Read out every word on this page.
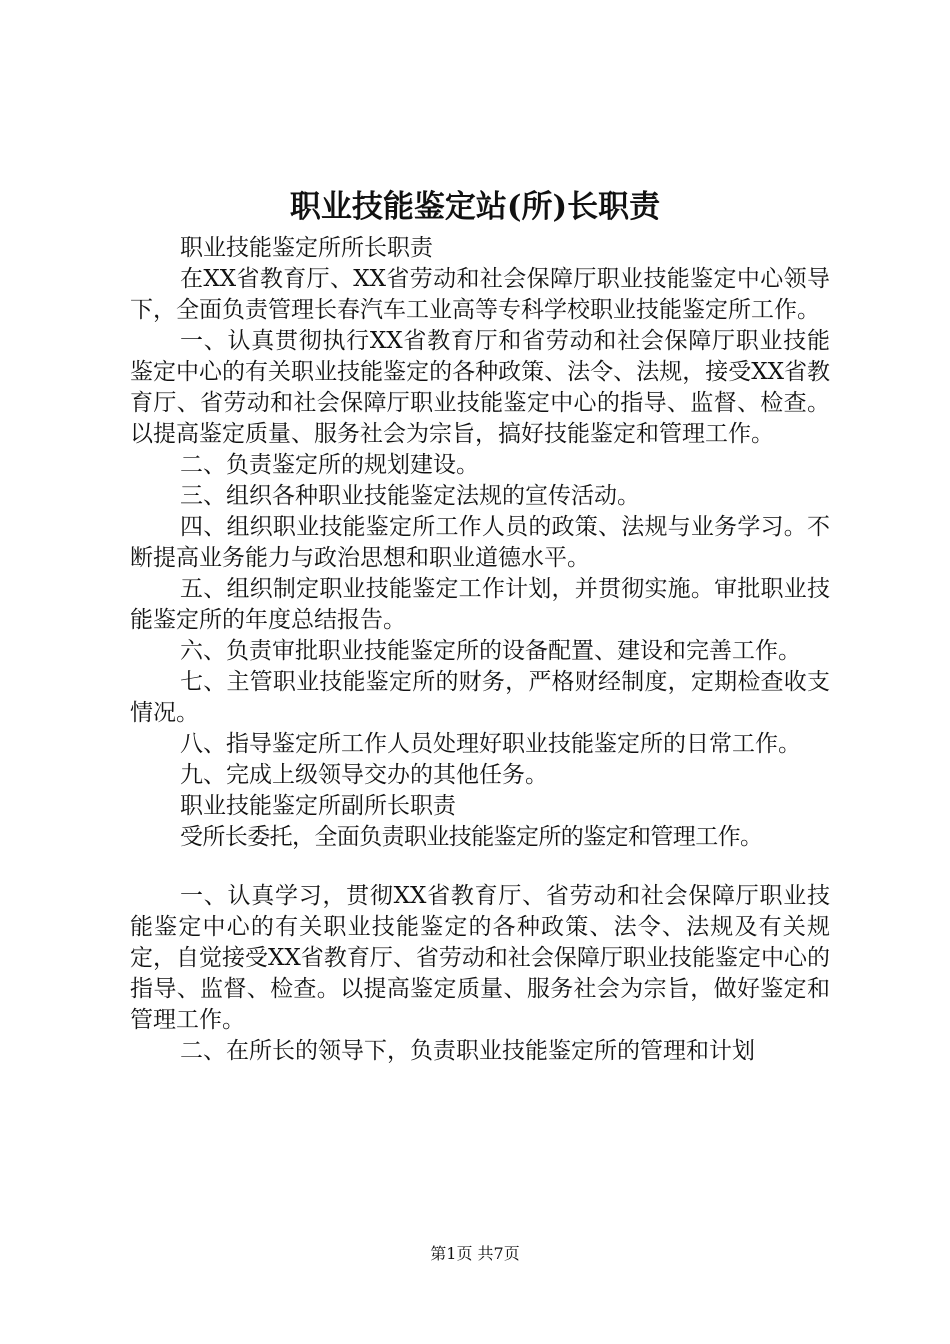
职业技能鉴定站(所)长职责

职业技能鉴定所所长职责

在XX省教育厅、XX省劳动和社会保障厅职业技能鉴定中心领导下，全面负责管理长春汽车工业高等专科学校职业技能鉴定所工作。

一、认真贯彻执行XX省教育厅和省劳动和社会保障厅职业技能鉴定中心的有关职业技能鉴定的各种政策、法令、法规，接受XX省教育厅、省劳动和社会保障厅职业技能鉴定中心的指导、监督、检查。以提高鉴定质量、服务社会为宗旨，搞好技能鉴定和管理工作。

二、负责鉴定所的规划建设。

三、组织各种职业技能鉴定法规的宣传活动。

四、组织职业技能鉴定所工作人员的政策、法规与业务学习。不断提高业务能力与政治思想和职业道德水平。

五、组织制定职业技能鉴定工作计划，并贯彻实施。审批职业技能鉴定所的年度总结报告。

六、负责审批职业技能鉴定所的设备配置、建设和完善工作。

七、主管职业技能鉴定所的财务，严格财经制度，定期检查收支情况。

八、指导鉴定所工作人员处理好职业技能鉴定所的日常工作。

九、完成上级领导交办的其他任务。

职业技能鉴定所副所长职责

受所长委托，全面负责职业技能鉴定所的鉴定和管理工作。

一、认真学习，贯彻XX省教育厅、省劳动和社会保障厅职业技能鉴定中心的有关职业技能鉴定的各种政策、法令、法规及有关规定，自觉接受XX省教育厅、省劳动和社会保障厅职业技能鉴定中心的指导、监督、检查。以提高鉴定质量、服务社会为宗旨，做好鉴定和管理工作。

二、在所长的领导下，负责职业技能鉴定所的管理和计划

第1页 共7页
